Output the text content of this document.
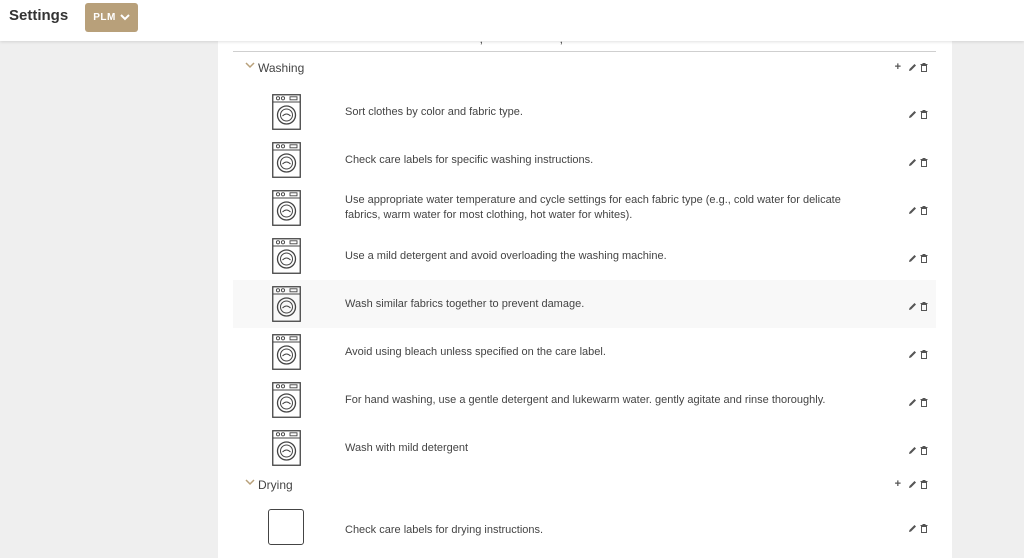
Settings	PLM
Washing	+
Sort clothes by color and fabric type.
Check care labels for specific washing instructions.
Use appropriate water temperature and cycle settings for each fabric type (e.g., cold water for delicate fabrics, warm water for most clothing, hot water for whites).
Use a mild detergent and avoid overloading the washing machine.
Wash similar fabrics together to prevent damage.
Avoid using bleach unless specified on the care label.
For hand washing, use a gentle detergent and lukewarm water. gently agitate and rinse thoroughly.
Wash with mild detergent
Drying	+
Check care labels for drying instructions.
